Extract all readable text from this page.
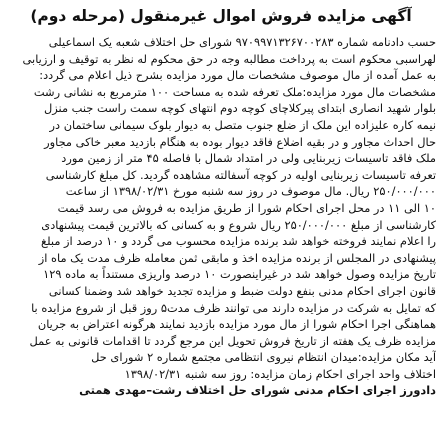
آگهی مزایده فروش اموال غیرمنقول (مرحله دوم)
حسب دادنامه شماره ۹۷۰۹۹۷۱۳۲۶۷۰۰۲۸۳ شورای حل اختلاف شعبه یک اسماعیلی
لهراسبی محکوم است به پرداخت مطالبه وجه در حق محکوم له نظر به توقیف و ارزیابی
به عمل آمده از مال موصوف مشخصات مال مورد مزایده بشرح ذیل اعلام می گردد:
مشخصات مال مورد مزایده:ملک تعرفه شده به مساحت ۱۰۰ مترمربع به نشانی رشت
بلوار شهید انصاری ابتدای پیرکلاچای کوچه دوم انتهای کوچه سمت راست جنب منزل
نیمه کاره علیزاده این ملک از ضلع جنوب متصل به دیوار بلوک سیمانی ساختمان در
حال احداث مجاور و در بقیه اضلاع فاقد دیوار بوده به هنگام بازدید معبر خاکی مجاور
ملک فاقد تاسیسات زیربنایی ولی در امتداد شمال با فاصله ۴۵ متر از زمین مورد
تعرفه تاسیسات زیربنایی اولیه در کوچه آسفالته مشاهده گردید. کل مبلغ کارشناسی
۲۵۰/۰۰۰/۰۰۰ ریال. مال موصوف در روز سه شنبه مورخ ۱۳۹۸/۰۲/۳۱ از ساعت
۱۰ الی ۱۱ در محل اجرای احکام شورا از طریق مزایده به فروش می رسد قیمت
کارشناسی از مبلغ ۲۵۰/۰۰۰/۰۰۰ ریال شروع و به کسانی که بالاترین قیمت پیشنهادی
را اعلام نمایند فروخته خواهد شد برنده مزایده محسوب می گردد و ۱۰ درصد از مبلغ
پیشنهادی در المجلس از برنده مزایده اخذ و مابقی ثمن معامله ظرف مدت یک ماه از
تاریخ مزایده وصول خواهد شد در غیراینصورت ۱۰ درصد واریزی مستنداً به ماده ۱۲۹
قانون اجرای احکام مدنی بنفع دولت ضبط و مزایده تجدید خواهد شد وضمنا کسانی
که تمایل به شرکت در مزایده دارند می توانند ظرف مدت۵ روز قبل از شروع مزایده با
هماهنگی اجرا احکام شورا از مال مورد مزایده بازدید نمایند هرگونه اعتراض به جریان
مزایده ظرف یک هفته از تاریخ فروش تحویل این مرجع گردد تا اقدامات قانونی به عمل
آید مکان مزایده:میدان انتظام نیروی انتظامی مجتمع شماره ۲ شورای حل
اختلاف واحد اجرای احکام زمان مزایده: روز سه شنبه ۱۳۹۸/۰۲/۳۱
دادورز اجرای احکام مدنی شورای حل اختلاف رشت–مهدی همتی
